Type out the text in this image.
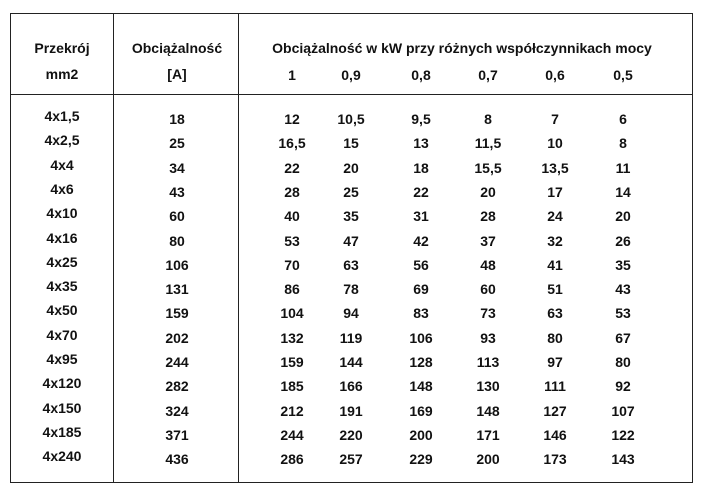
Przekrój
mm2
Obciążalność
[A]
Obciążalność w kW przy różnych współczynnikach mocy
1	0,9	0,8	0,7	0,6	0,5
4x1,5	18	12	10,5	9,5	8	7	6
4x2,5	25	16,5	15	13	11,5	10	8
4x4	34	22	20	18	15,5	13,5	11
4x6	43	28	25	22	20	17	14
4x10	60	40	35	31	28	24	20
4x16	80	53	47	42	37	32	26
4x25	106	70	63	56	48	41	35
4x35	131	86	78	69	60	51	43
4x50	159	104	94	83	73	63	53
4x70	202	132	119	106	93	80	67
4x95	244	159	144	128	113	97	80
4x120	282	185	166	148	130	111	92
4x150	324	212	191	169	148	127	107
4x185	371	244	220	200	171	146	122
4x240	436	286	257	229	200	173	143
